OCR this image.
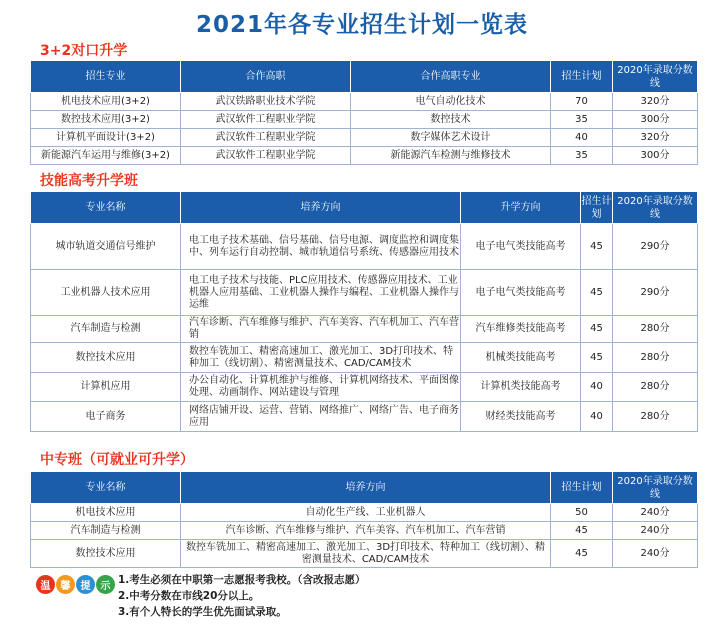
2021年各专业招生计划一览表
3+2对口升学
招生专业	合作高职	合作高职专业	招生计划	2020年录取分数线
机电技术应用(3+2)	武汉铁路职业技术学院	电气自动化技术	70	320分
数控技术应用(3+2)	武汉软件工程职业学院	数控技术	35	300分
计算机平面设计(3+2)	武汉软件工程职业学院	数字媒体艺术设计	40	320分
新能源汽车运用与维修(3+2)	武汉软件工程职业学院	新能源汽车检测与维修技术	35	300分
技能高考升学班
专业名称	培养方向	升学方向	招生计划	2020年录取分数线
城市轨道交通信号维护	电工电子技术基础、信号基础、信号电源、调度监控和调度集中、列车运行自动控制、城市轨道信号系统、传感器应用技术	电子电气类技能高考	45	290分
工业机器人技术应用	电工电子技术与技能、PLC应用技术、传感器应用技术、工业机器人应用基础、工业机器人操作与编程、工业机器人操作与运维	电子电气类技能高考	45	290分
汽车制造与检测	汽车诊断、汽车维修与维护、汽车美容、汽车机加工、汽车营销	汽车维修类技能高考	45	280分
数控技术应用	数控车铣加工、精密高速加工、激光加工、3D打印技术、特种加工（线切割）、精密测量技术、CAD/CAM技术	机械类技能高考	45	280分
计算机应用	办公自动化、计算机维护与维修、计算机网络技术、平面图像处理、动画制作、网站建设与管理	计算机类技能高考	40	280分
电子商务	网络店铺开设、运营、营销、网络推广、网络广告、电子商务应用	财经类技能高考	40	280分
中专班（可就业可升学）
专业名称	培养方向	招生计划	2020年录取分数线
机电技术应用	自动化生产线、工业机器人	50	240分
汽车制造与检测	汽车诊断、汽车维修与维护、汽车美容、汽车机加工、汽车营销	45	240分
数控技术应用	数控车铣加工、精密高速加工、激光加工、3D打印技术、特种加工（线切割）、精密测量技术、CAD/CAM技术	45	240分
温	馨	提	示
1.考生必须在中职第一志愿报考我校。（含改报志愿）
2.中考分数在市线20分以上。
3.有个人特长的学生优先面试录取。
